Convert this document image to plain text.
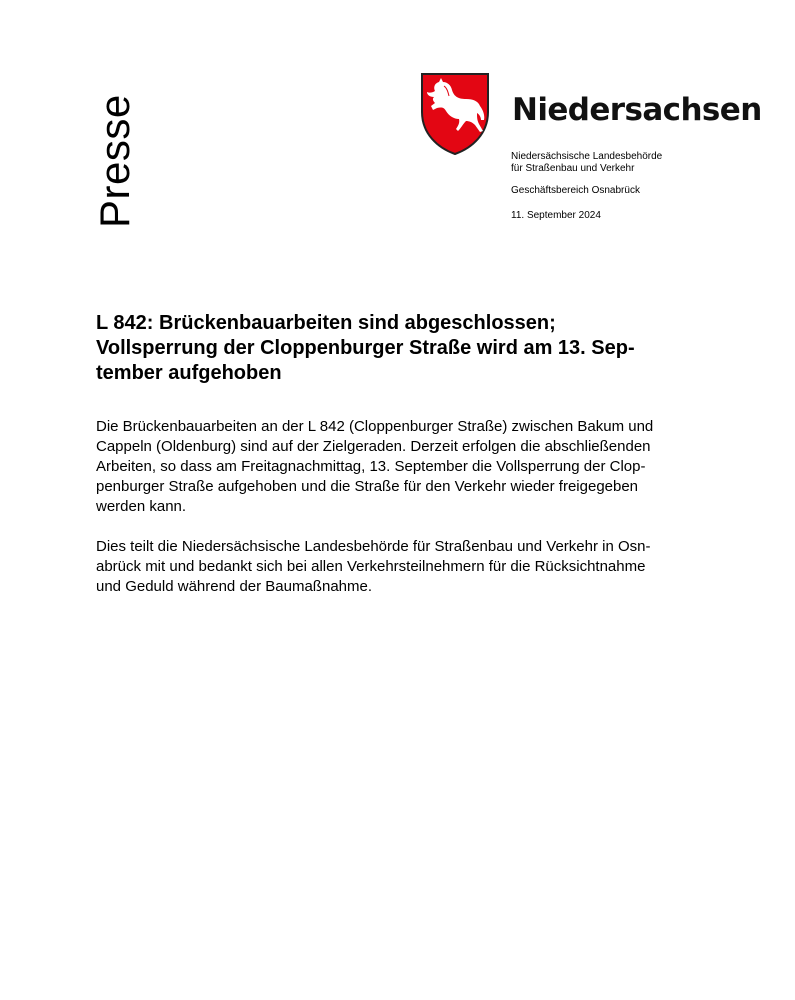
Presse	Niedersachsen

Niedersächsische Landesbehörde

für Straßenbau und Verkehr

Geschäftsbereich Osnabrück
11. September 2024
L 842: Brückenbauarbeiten sind abgeschlossen;
Vollsperrung der Cloppenburger Straße wird am 13. Sep-
tember aufgehoben

Die Brückenbauarbeiten an der L 842 (Cloppenburger Straße) zwischen Bakum und
Cappeln (Oldenburg) sind auf der Zielgeraden. Derzeit erfolgen die abschließenden
Arbeiten, so dass am Freitagnachmittag, 13. September die Vollsperrung der Clop-
penburger Straße aufgehoben und die Straße für den Verkehr wieder freigegeben
werden kann.

Dies teilt die Niedersächsische Landesbehörde für Straßenbau und Verkehr in Osn-
abrück mit und bedankt sich bei allen Verkehrsteilnehmern für die Rücksichtnahme
und Geduld während der Baumaßnahme.
